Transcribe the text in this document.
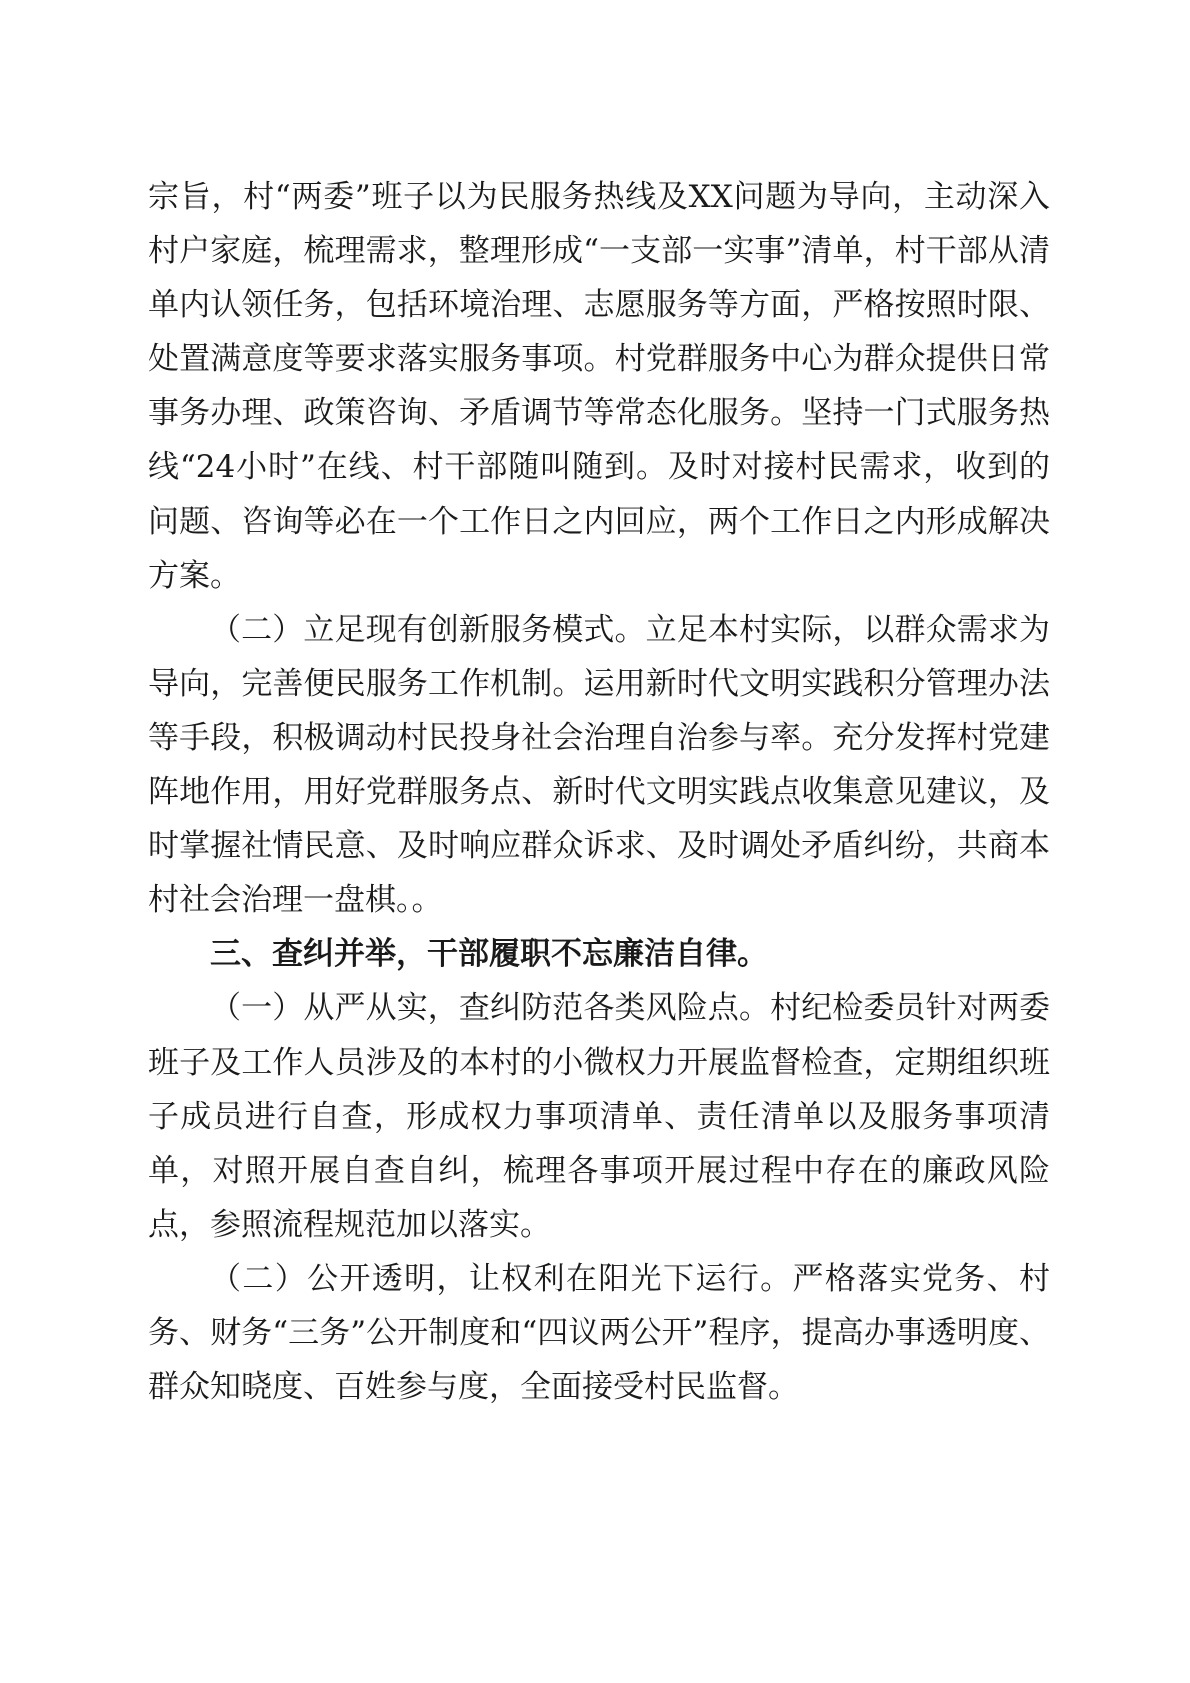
宗旨，村“两委”班子以为民服务热线及XX问题为导向，主动深入村户家庭，梳理需求，整理形成“一支部一实事”清单，村干部从清单内认领任务，包括环境治理、志愿服务等方面，严格按照时限、处置满意度等要求落实服务事项。村党群服务中心为群众提供日常事务办理、政策咨询、矛盾调节等常态化服务。坚持一门式服务热线“24小时”在线、村干部随叫随到。及时对接村民需求，收到的问题、咨询等必在一个工作日之内回应，两个工作日之内形成解决方案。

（二）立足现有创新服务模式。立足本村实际，以群众需求为导向，完善便民服务工作机制。运用新时代文明实践积分管理办法等手段，积极调动村民投身社会治理自治参与率。充分发挥村党建阵地作用，用好党群服务点、新时代文明实践点收集意见建议，及时掌握社情民意、及时响应群众诉求、及时调处矛盾纠纷，共商本村社会治理一盘棋。。

三、查纠并举，干部履职不忘廉洁自律。

（一）从严从实，查纠防范各类风险点。村纪检委员针对两委班子及工作人员涉及的本村的小微权力开展监督检查，定期组织班子成员进行自查，形成权力事项清单、责任清单以及服务事项清单，对照开展自查自纠，梳理各事项开展过程中存在的廉政风险点，参照流程规范加以落实。

（二）公开透明，让权利在阳光下运行。严格落实党务、村务、财务“三务”公开制度和“四议两公开”程序，提高办事透明度、群众知晓度、百姓参与度，全面接受村民监督。
